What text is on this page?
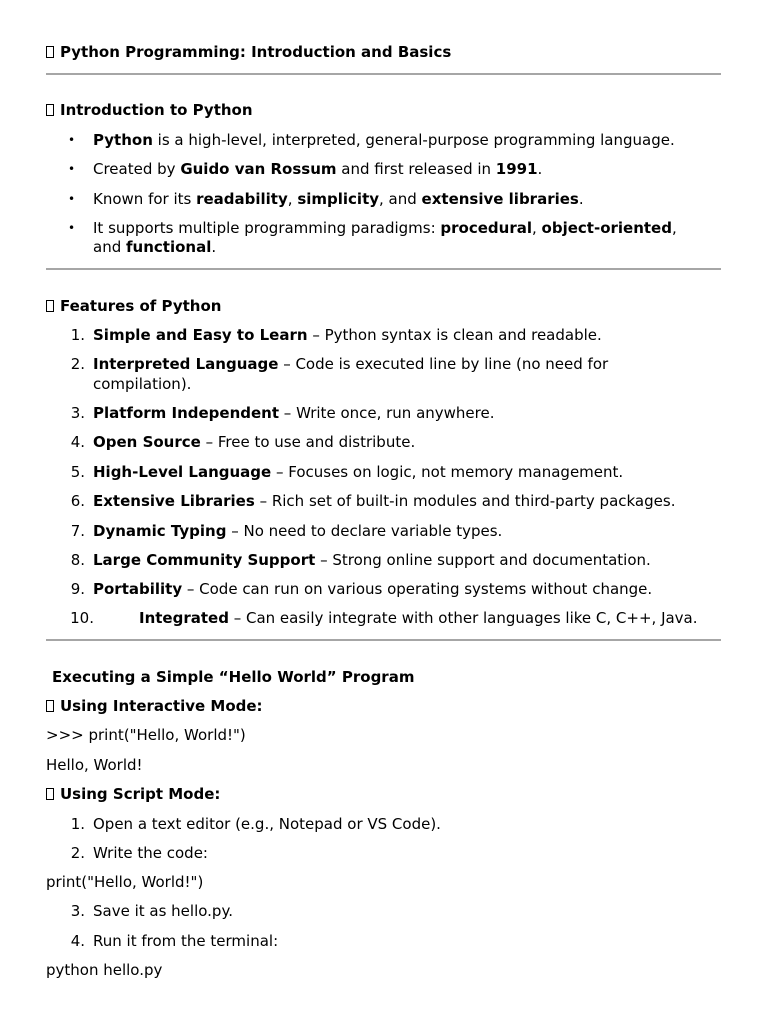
Python Programming: Introduction and Basics
Introduction to Python
• Python is a high-level, interpreted, general-purpose programming language.
• Created by Guido van Rossum and first released in 1991.
• Known for its readability, simplicity, and extensive libraries.
• It supports multiple programming paradigms: procedural, object-oriented,
and functional.
Features of Python
1. Simple and Easy to Learn – Python syntax is clean and readable.
2. Interpreted Language – Code is executed line by line (no need for
compilation).
3. Platform Independent – Write once, run anywhere.
4. Open Source – Free to use and distribute.
5. High-Level Language – Focuses on logic, not memory management.
6. Extensive Libraries – Rich set of built-in modules and third-party packages.
7. Dynamic Typing – No need to declare variable types.
8. Large Community Support – Strong online support and documentation.
9. Portability – Code can run on various operating systems without change.
10.	Integrated – Can easily integrate with other languages like C, C++, Java.
Executing a Simple “Hello World” Program
Using Interactive Mode:
>>> print("Hello, World!")
Hello, World!
Using Script Mode:
1. Open a text editor (e.g., Notepad or VS Code).
2. Write the code:
print("Hello, World!")
3. Save it as hello.py.
4. Run it from the terminal:
python hello.py
